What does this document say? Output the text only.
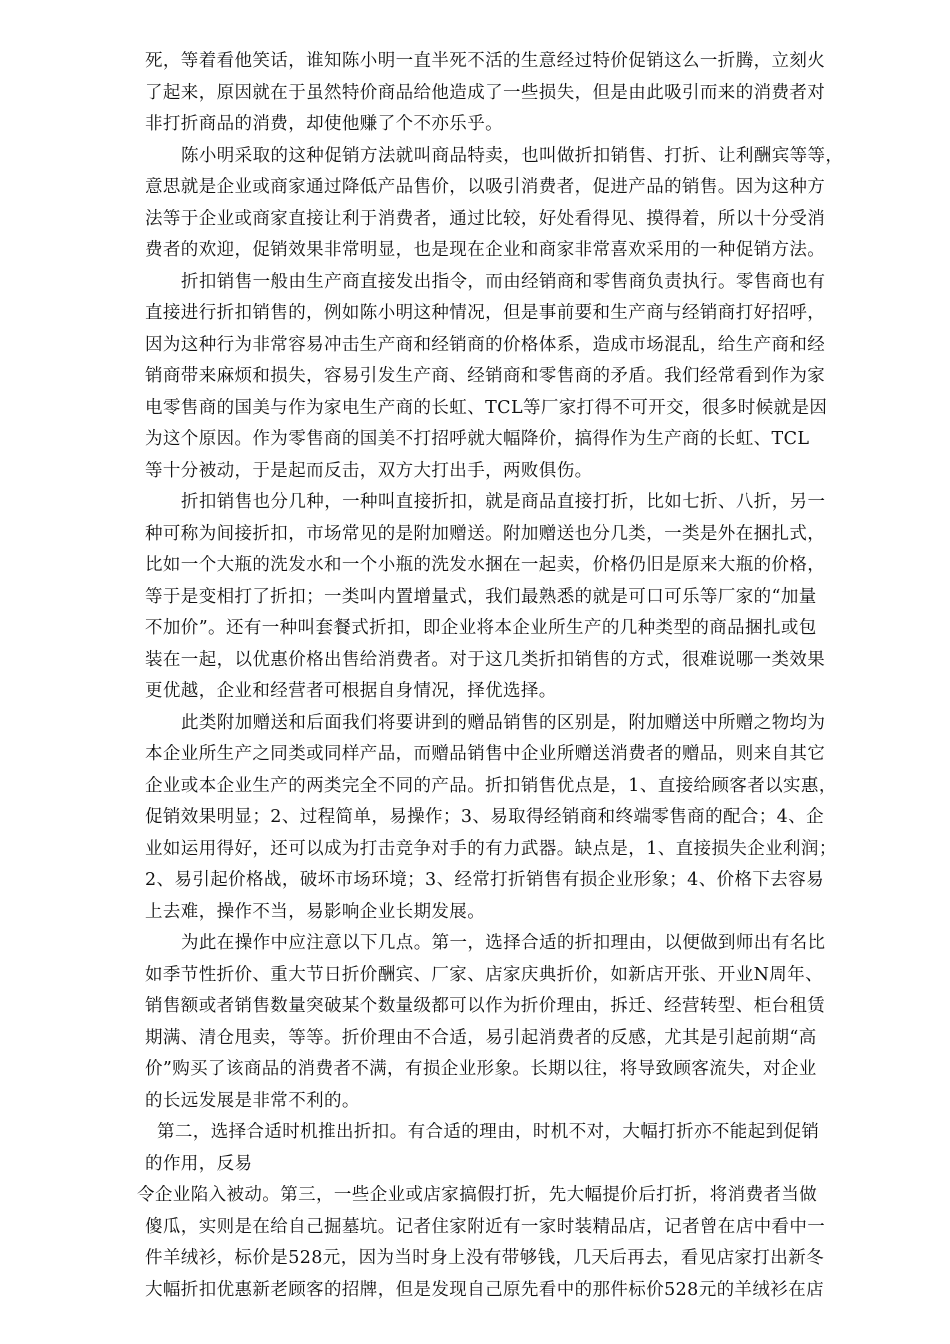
死，等着看他笑话，谁知陈小明一直半死不活的生意经过特价促销这么一折腾，立刻火
了起来，原因就在于虽然特价商品给他造成了一些损失，但是由此吸引而来的消费者对
非打折商品的消费，却使他赚了个不亦乐乎。
陈小明采取的这种促销方法就叫商品特卖，也叫做折扣销售、打折、让利酬宾等等，
意思就是企业或商家通过降低产品售价，以吸引消费者，促进产品的销售。因为这种方
法等于企业或商家直接让利于消费者，通过比较，好处看得见、摸得着，所以十分受消
费者的欢迎，促销效果非常明显，也是现在企业和商家非常喜欢采用的一种促销方法。
折扣销售一般由生产商直接发出指令，而由经销商和零售商负责执行。零售商也有
直接进行折扣销售的，例如陈小明这种情况，但是事前要和生产商与经销商打好招呼，
因为这种行为非常容易冲击生产商和经销商的价格体系，造成市场混乱，给生产商和经
销商带来麻烦和损失，容易引发生产商、经销商和零售商的矛盾。我们经常看到作为家
电零售商的国美与作为家电生产商的长虹、TCL等厂家打得不可开交，很多时候就是因
为这个原因。作为零售商的国美不打招呼就大幅降价，搞得作为生产商的长虹、TCL
等十分被动，于是起而反击，双方大打出手，两败俱伤。
折扣销售也分几种，一种叫直接折扣，就是商品直接打折，比如七折、八折，另一
种可称为间接折扣，市场常见的是附加赠送。附加赠送也分几类，一类是外在捆扎式，
比如一个大瓶的洗发水和一个小瓶的洗发水捆在一起卖，价格仍旧是原来大瓶的价格，
等于是变相打了折扣；一类叫内置增量式，我们最熟悉的就是可口可乐等厂家的“加量
不加价”。还有一种叫套餐式折扣，即企业将本企业所生产的几种类型的商品捆扎或包
装在一起，以优惠价格出售给消费者。对于这几类折扣销售的方式，很难说哪一类效果
更优越，企业和经营者可根据自身情况，择优选择。
此类附加赠送和后面我们将要讲到的赠品销售的区别是，附加赠送中所赠之物均为
本企业所生产之同类或同样产品，而赠品销售中企业所赠送消费者的赠品，则来自其它
企业或本企业生产的两类完全不同的产品。折扣销售优点是，1、直接给顾客者以实惠，
促销效果明显；2、过程简单，易操作；3、易取得经销商和终端零售商的配合；4、企
业如运用得好，还可以成为打击竞争对手的有力武器。缺点是，1、直接损失企业利润；
2、易引起价格战，破坏市场环境；3、经常打折销售有损企业形象；4、价格下去容易
上去难，操作不当，易影响企业长期发展。
为此在操作中应注意以下几点。第一，选择合适的折扣理由，以便做到师出有名比
如季节性折价、重大节日折价酬宾、厂家、店家庆典折价，如新店开张、开业N周年、
销售额或者销售数量突破某个数量级都可以作为折价理由，拆迁、经营转型、柜台租赁
期满、清仓甩卖，等等。折价理由不合适，易引起消费者的反感，尤其是引起前期“高
价”购买了该商品的消费者不满，有损企业形象。长期以往，将导致顾客流失，对企业
的长远发展是非常不利的。
第二，选择合适时机推出折扣。有合适的理由，时机不对，大幅打折亦不能起到促销
的作用，反易
令企业陷入被动。第三，一些企业或店家搞假打折，先大幅提价后打折，将消费者当做
傻瓜，实则是在给自己掘墓坑。记者住家附近有一家时装精品店，记者曾在店中看中一
件羊绒衫，标价是528元，因为当时身上没有带够钱，几天后再去，看见店家打出新冬
大幅折扣优惠新老顾客的招牌，但是发现自己原先看中的那件标价528元的羊绒衫在店
